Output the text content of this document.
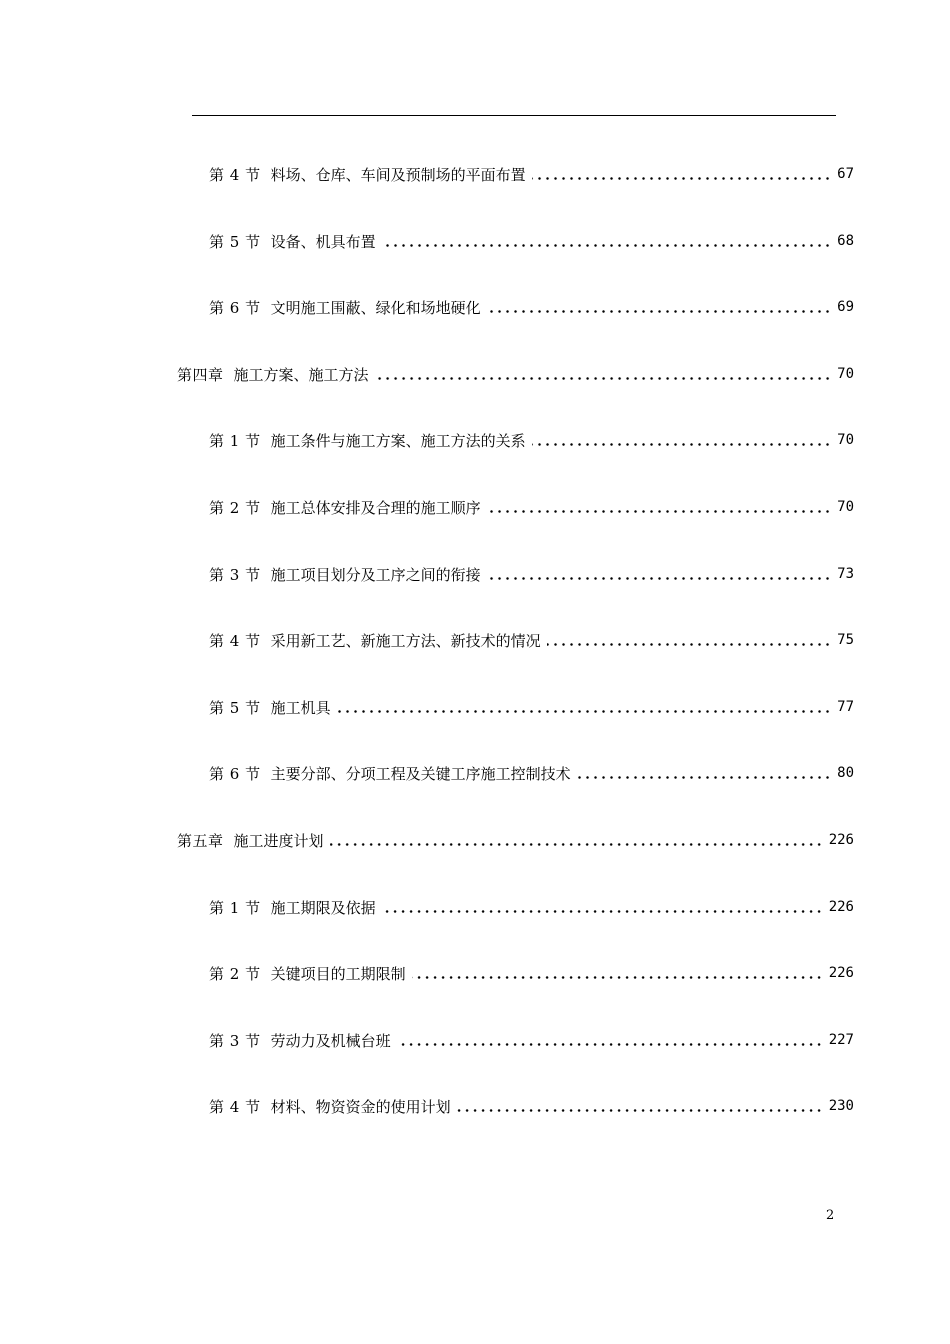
第 4 节 料场、仓库、车间及预制场的平面布置	67
第 5 节 设备、机具布置	68
第 6 节 文明施工围蔽、绿化和场地硬化	69
第四章 施工方案、施工方法	70
第 1 节 施工条件与施工方案、施工方法的关系	70
第 2 节 施工总体安排及合理的施工顺序	70
第 3 节 施工项目划分及工序之间的衔接	73
第 4 节 采用新工艺、新施工方法、新技术的情况	75
第 5 节 施工机具	77
第 6 节 主要分部、分项工程及关键工序施工控制技术	80
第五章 施工进度计划	226
第 1 节 施工期限及依据	226
第 2 节 关键项目的工期限制	226
第 3 节 劳动力及机械台班	227
第 4 节 材料、物资资金的使用计划	230
2
